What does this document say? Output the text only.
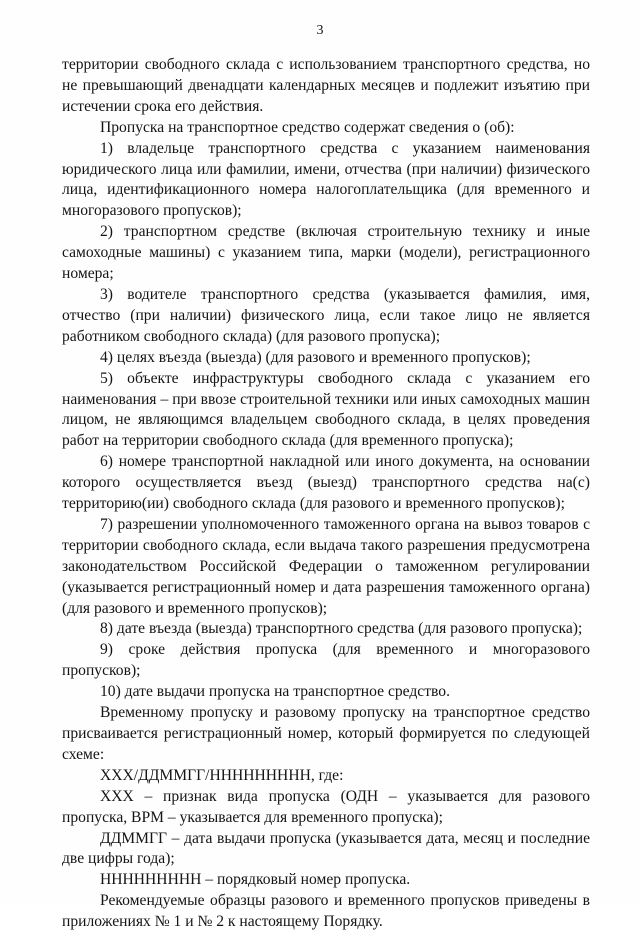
3

территории свободного склада с использованием транспортного средства, но не превышающий двенадцати календарных месяцев и подлежит изъятию при истечении срока его действия.

Пропуска на транспортное средство содержат сведения о (об):

1) владельце транспортного средства с указанием наименования юридического лица или фамилии, имени, отчества (при наличии) физического лица, идентификационного номера налогоплательщика (для временного и многоразового пропусков);

2) транспортном средстве (включая строительную технику и иные самоходные машины) с указанием типа, марки (модели), регистрационного номера;

3) водителе транспортного средства (указывается фамилия, имя, отчество (при наличии) физического лица, если такое лицо не является работником свободного склада) (для разового пропуска);

4) целях въезда (выезда) (для разового и временного пропусков);

5) объекте инфраструктуры свободного склада с указанием его наименования – при ввозе строительной техники или иных самоходных машин лицом, не являющимся владельцем свободного склада, в целях проведения работ на территории свободного склада (для временного пропуска);

6) номере транспортной накладной или иного документа, на основании которого осуществляется въезд (выезд) транспортного средства на(с) территорию(ии) свободного склада (для разового и временного пропусков);

7) разрешении уполномоченного таможенного органа на вывоз товаров с территории свободного склада, если выдача такого разрешения предусмотрена законодательством Российской Федерации о таможенном регулировании (указывается регистрационный номер и дата разрешения таможенного органа) (для разового и временного пропусков);

8) дате въезда (выезда) транспортного средства (для разового пропуска);

9) сроке действия пропуска (для временного и многоразового пропусков);

10) дате выдачи пропуска на транспортное средство.

Временному пропуску и разовому пропуску на транспортное средство присваивается регистрационный номер, который формируется по следующей схеме:

ХХХ/ДДММГГ/ННННННННН, где:

ХХХ – признак вида пропуска (ОДН – указывается для разового пропуска, ВРМ – указывается для временного пропуска);

ДДММГГ – дата выдачи пропуска (указывается дата, месяц и последние две цифры года);

ННННННННН – порядковый номер пропуска.

Рекомендуемые образцы разового и временного пропусков приведены в приложениях № 1 и № 2 к настоящему Порядку.
